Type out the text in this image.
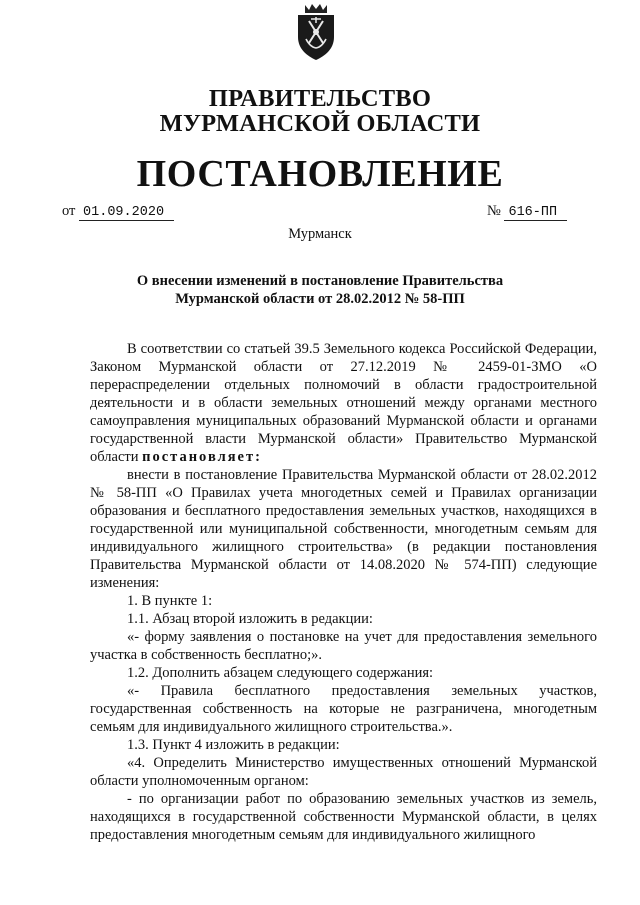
ПРАВИТЕЛЬСТВО
МУРМАНСКОЙ ОБЛАСТИ
ПОСТАНОВЛЕНИЕ
от 01.09.2020	№ 616-ПП
Мурманск
О внесении изменений в постановление Правительства
Мурманской области от 28.02.2012 № 58-ПП

В соответствии со статьей 39.5 Земельного кодекса Российской Федерации, Законом Мурманской области от 27.12.2019 № 2459-01-ЗМО «О перераспределении отдельных полномочий в области градостроительной деятельности и в области земельных отношений между органами местного самоуправления муниципальных образований Мурманской области и органами государственной власти Мурманской области» Правительство Мурманской области постановляет:

внести в постановление Правительства Мурманской области от 28.02.2012 № 58-ПП «О Правилах учета многодетных семей и Правилах организации образования и бесплатного предоставления земельных участков, находящихся в государственной или муниципальной собственности, многодетным семьям для индивидуального жилищного строительства» (в редакции постановления Правительства Мурманской области от 14.08.2020 № 574-ПП) следующие изменения:

1. В пункте 1:

1.1. Абзац второй изложить в редакции:

«- форму заявления о постановке на учет для предоставления земельного участка в собственность бесплатно;».

1.2. Дополнить абзацем следующего содержания:

«- Правила бесплатного предоставления земельных участков, государственная собственность на которые не разграничена, многодетным семьям для индивидуального жилищного строительства.».

1.3. Пункт 4 изложить в редакции:

«4. Определить Министерство имущественных отношений Мурманской области уполномоченным органом:

- по организации работ по образованию земельных участков из земель, находящихся в государственной собственности Мурманской области, в целях предоставления многодетным семьям для индивидуального жилищного
